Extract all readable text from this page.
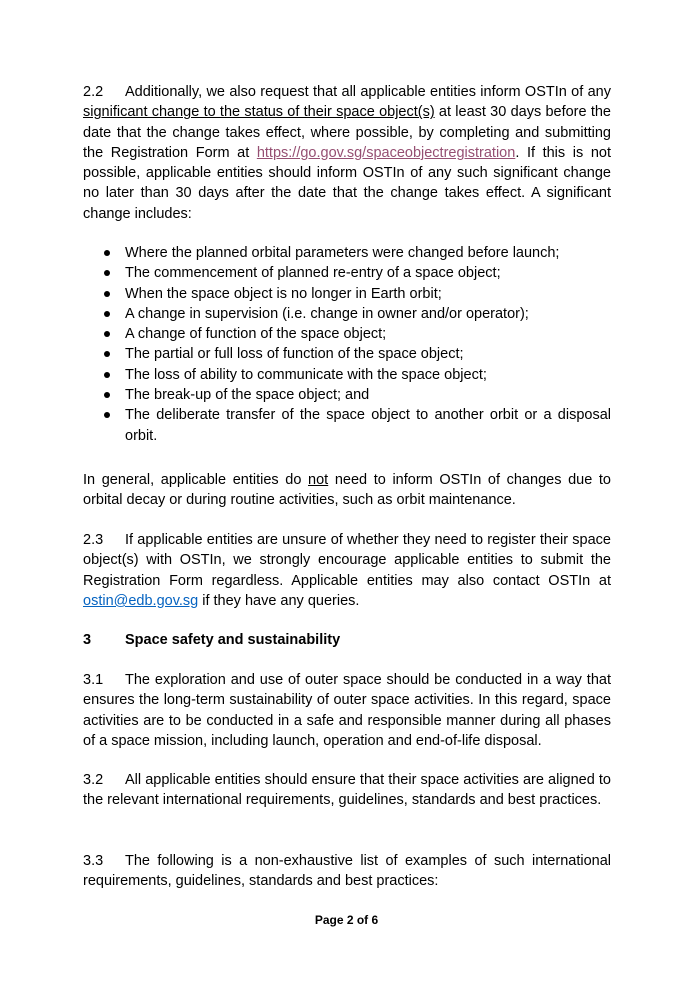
2.2 Additionally, we also request that all applicable entities inform OSTIn of any significant change to the status of their space object(s) at least 30 days before the date that the change takes effect, where possible, by completing and submitting the Registration Form at https://go.gov.sg/spaceobjectregistration. If this is not possible, applicable entities should inform OSTIn of any such significant change no later than 30 days after the date that the change takes effect. A significant change includes:

Where the planned orbital parameters were changed before launch;
The commencement of planned re-entry of a space object;
When the space object is no longer in Earth orbit;
A change in supervision (i.e. change in owner and/or operator);
A change of function of the space object;
The partial or full loss of function of the space object;
The loss of ability to communicate with the space object;
The break-up of the space object; and
The deliberate transfer of the space object to another orbit or a disposal orbit.

In general, applicable entities do not need to inform OSTIn of changes due to orbital decay or during routine activities, such as orbit maintenance.

2.3 If applicable entities are unsure of whether they need to register their space object(s) with OSTIn, we strongly encourage applicable entities to submit the Registration Form regardless. Applicable entities may also contact OSTIn at ostin@edb.gov.sg if they have any queries.

3 Space safety and sustainability

3.1 The exploration and use of outer space should be conducted in a way that ensures the long-term sustainability of outer space activities. In this regard, space activities are to be conducted in a safe and responsible manner during all phases of a space mission, including launch, operation and end-of-life disposal.

3.2 All applicable entities should ensure that their space activities are aligned to the relevant international requirements, guidelines, standards and best practices.

3.3 The following is a non-exhaustive list of examples of such international requirements, guidelines, standards and best practices:

Page 2 of 6
